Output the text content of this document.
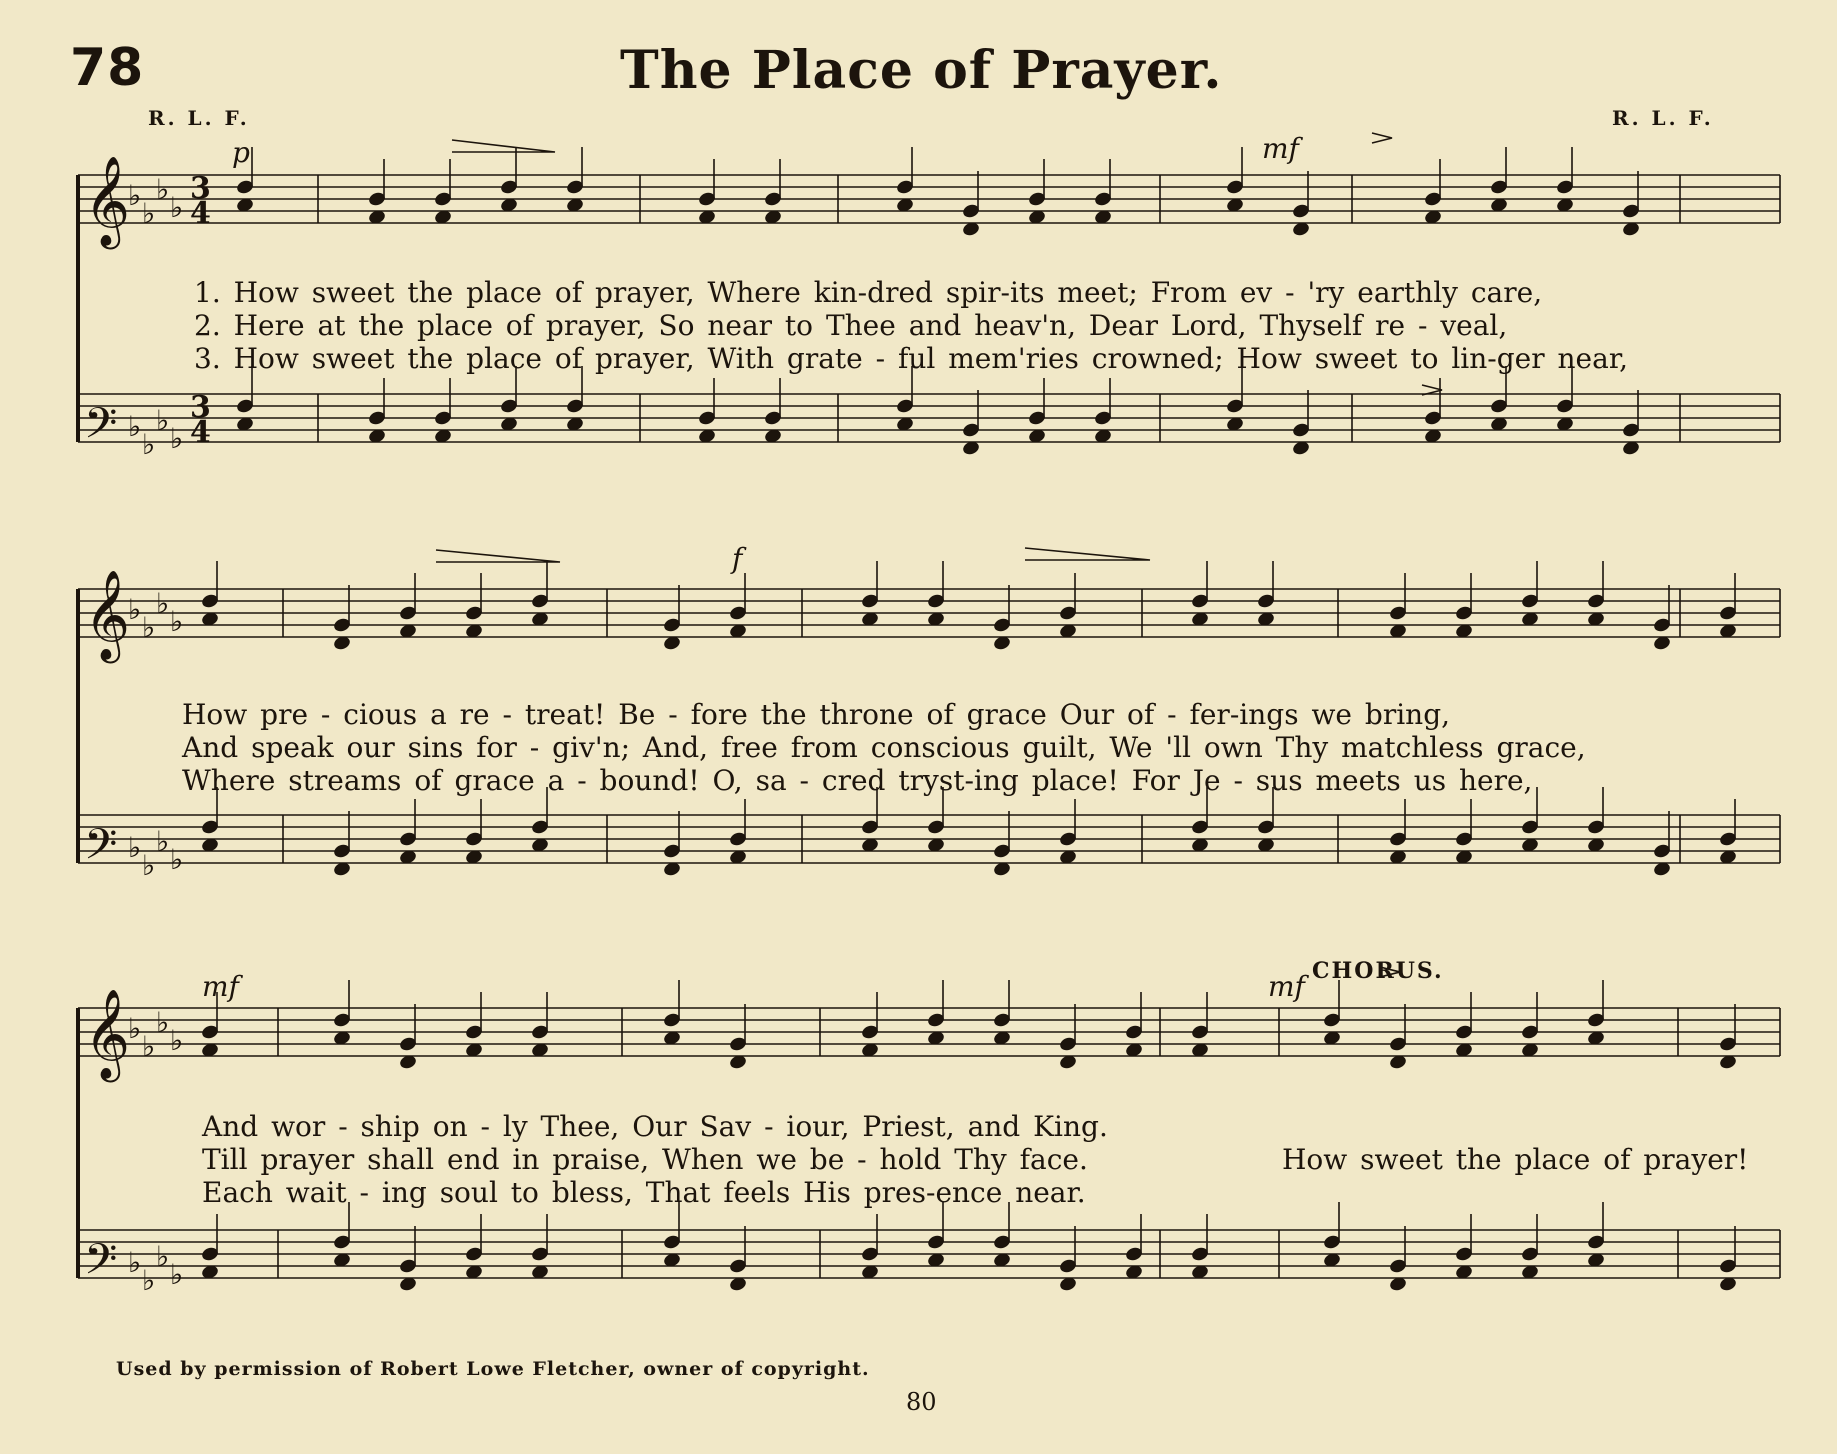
78	The Place of Prayer.
R. L. F.	R. L. F.
𝄞
♭
♭
♭
♭
3
4
𝄢 ♭
♭
♭
♭
3
4
𝄞
♭
♭
♭
♭
𝄢 ♭
♭
♭
♭
𝄞
♭
♭
♭
♭
𝄢 ♭
♭
♭
♭
p	mf
f
mf	mf CHORUS.
1. How sweet the place of prayer, Where kin-dred spir-its meet; From ev - 'ry earthly care,
2. Here at the place of prayer, So near to Thee and heav'n, Dear Lord, Thyself re - veal,
3. How sweet the place of prayer, With grate - ful mem'ries crowned; How sweet to lin-ger near,
How pre - cious a re - treat! Be - fore the throne of grace Our of - fer-ings we bring,
And speak our sins for - giv'n; And, free from conscious guilt, We 'll own Thy matchless grace,
Where streams of grace a - bound! O, sa - cred tryst-ing place! For Je - sus meets us here,
And wor - ship on - ly Thee, Our Sav - iour, Priest, and King.
Till prayer shall end in praise, When we be - hold Thy face.
Each wait - ing soul to bless, That feels His pres-ence near.
How sweet the place of prayer!
Used by permission of Robert Lowe Fletcher, owner of copyright.
80
